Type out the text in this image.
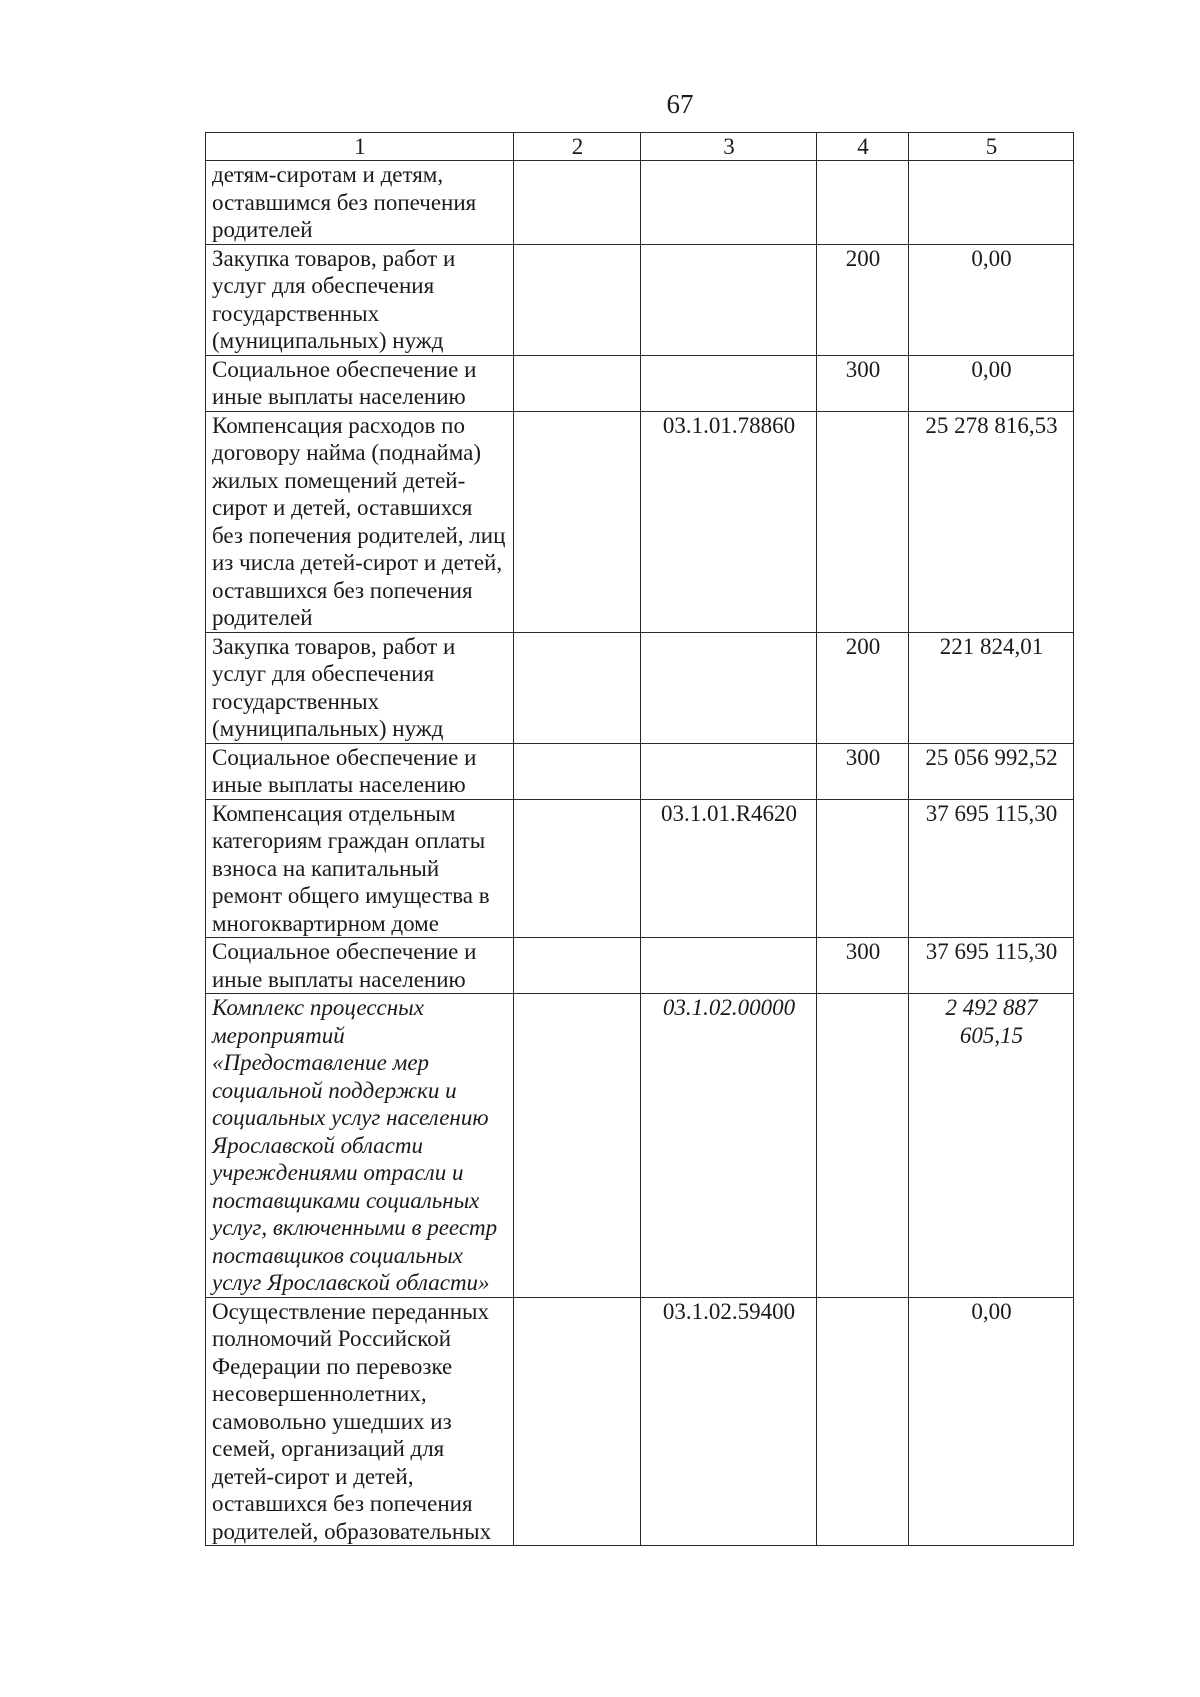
67
1	2	3	4	5
детям-сиротам и детям, оставшимся без попечения родителей				
Закупка товаров, работ и услуг для обеспечения государственных (муниципальных) нужд			200	0,00
Социальное обеспечение и иные выплаты населению			300	0,00
Компенсация расходов по договору найма (поднайма) жилых помещений детей-сирот и детей, оставшихся без попечения родителей, лиц из числа детей-сирот и детей, оставшихся без попечения родителей		03.1.01.78860		25 278 816,53
Закупка товаров, работ и услуг для обеспечения государственных (муниципальных) нужд			200	221 824,01
Социальное обеспечение и иные выплаты населению			300	25 056 992,52
Компенсация отдельным категориям граждан оплаты взноса на капитальный ремонт общего имущества в многоквартирном доме		03.1.01.R4620		37 695 115,30
Социальное обеспечение и иные выплаты населению			300	37 695 115,30
Комплекс процессных мероприятий «Предоставление мер социальной поддержки и социальных услуг населению Ярославской области учреждениями отрасли и поставщиками социальных услуг, включенными в реестр поставщиков социальных услуг Ярославской области»		03.1.02.00000		2 492 887 605,15
Осуществление переданных полномочий Российской Федерации по перевозке несовершеннолетних, самовольно ушедших из семей, организаций для детей-сирот и детей, оставшихся без попечения родителей, образовательных		03.1.02.59400		0,00
